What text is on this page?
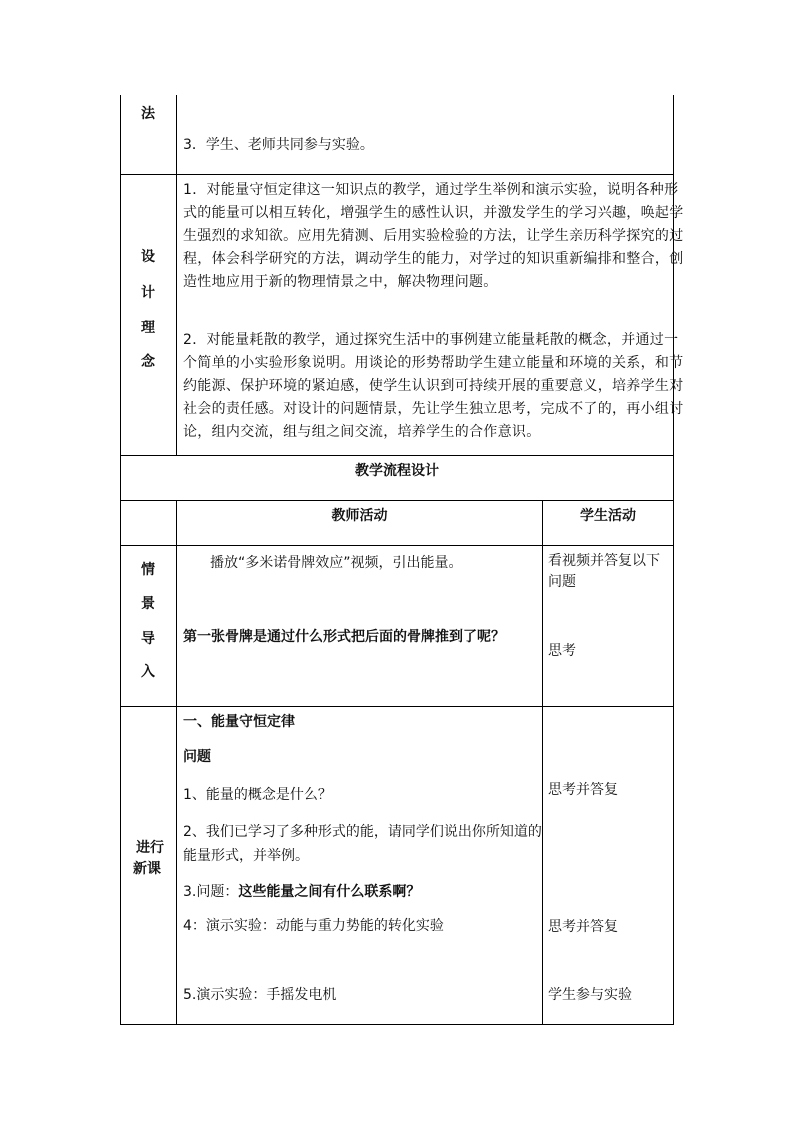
法
3．学生、老师共同参与实验。
设
计
理
念
1．对能量守恒定律这一知识点的教学，通过学生举例和演示实验，说明各种形
式的能量可以相互转化，增强学生的感性认识，并激发学生的学习兴趣，唤起学
生强烈的求知欲。应用先猜测、后用实验检验的方法，让学生亲历科学探究的过
程，体会科学研究的方法，调动学生的能力，对学过的知识重新编排和整合，创
造性地应用于新的物理情景之中，解决物理问题。
2．对能量耗散的教学，通过探究生活中的事例建立能量耗散的概念，并通过一
个简单的小实验形象说明。用谈论的形势帮助学生建立能量和环境的关系，和节
约能源、保护环境的紧迫感，使学生认识到可持续开展的重要意义，培养学生对
社会的责任感。对设计的问题情景，先让学生独立思考，完成不了的，再小组讨
论，组内交流，组与组之间交流，培养学生的合作意识。
教学流程设计
教师活动	学生活动
情
景
导
入
播放“多米诺骨牌效应”视频，引出能量。
第一张骨牌是通过什么形式把后面的骨牌推到了呢？
看视频并答复以下
问题
思考
进行
新课
一、能量守恒定律
问题
1、能量的概念是什么？
2、我们已学习了多种形式的能，请同学们说出你所知道的
能量形式，并举例。
3.问题：这些能量之间有什么联系啊？
4：演示实验：动能与重力势能的转化实验
5.演示实验：手摇发电机
思考并答复
思考并答复
学生参与实验
